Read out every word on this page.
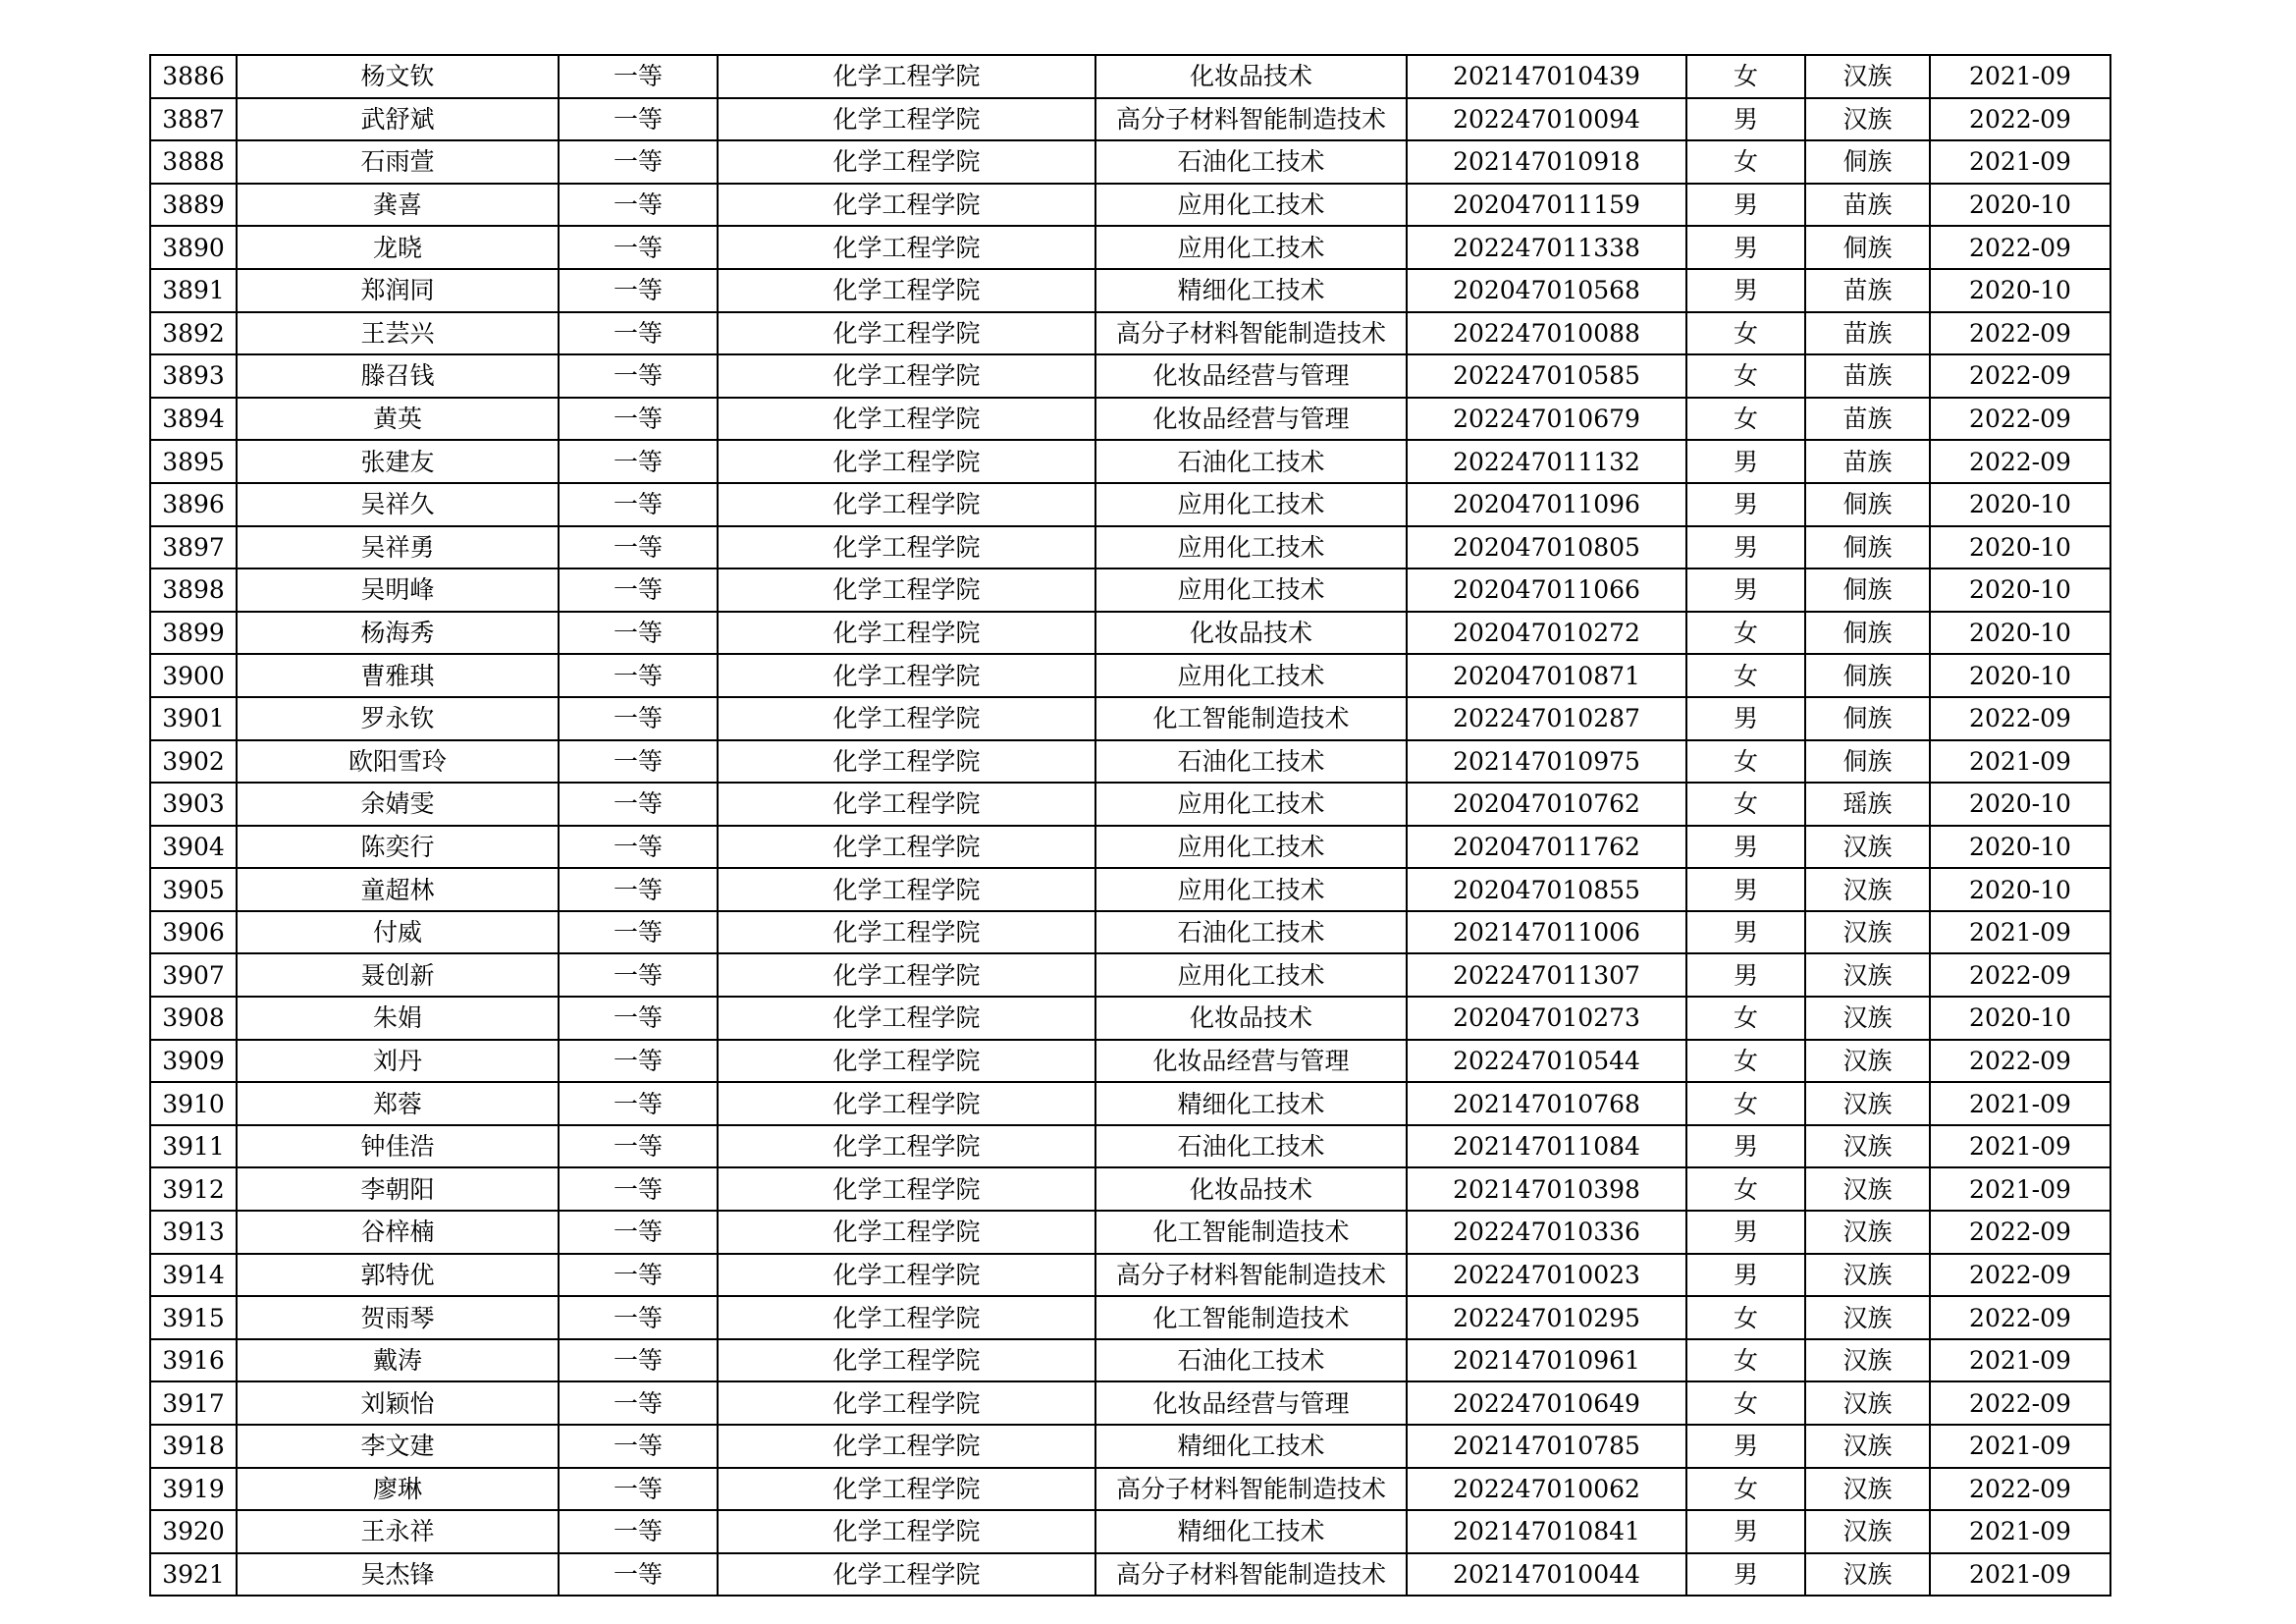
3886	杨文钦	一等	化学工程学院	化妆品技术	202147010439	女	汉族	2021-09
3887	武舒斌	一等	化学工程学院	高分子材料智能制造技术	202247010094	男	汉族	2022-09
3888	石雨萱	一等	化学工程学院	石油化工技术	202147010918	女	侗族	2021-09
3889	龚喜	一等	化学工程学院	应用化工技术	202047011159	男	苗族	2020-10
3890	龙晓	一等	化学工程学院	应用化工技术	202247011338	男	侗族	2022-09
3891	郑润同	一等	化学工程学院	精细化工技术	202047010568	男	苗族	2020-10
3892	王芸兴	一等	化学工程学院	高分子材料智能制造技术	202247010088	女	苗族	2022-09
3893	滕召钱	一等	化学工程学院	化妆品经营与管理	202247010585	女	苗族	2022-09
3894	黄英	一等	化学工程学院	化妆品经营与管理	202247010679	女	苗族	2022-09
3895	张建友	一等	化学工程学院	石油化工技术	202247011132	男	苗族	2022-09
3896	吴祥久	一等	化学工程学院	应用化工技术	202047011096	男	侗族	2020-10
3897	吴祥勇	一等	化学工程学院	应用化工技术	202047010805	男	侗族	2020-10
3898	吴明峰	一等	化学工程学院	应用化工技术	202047011066	男	侗族	2020-10
3899	杨海秀	一等	化学工程学院	化妆品技术	202047010272	女	侗族	2020-10
3900	曹雅琪	一等	化学工程学院	应用化工技术	202047010871	女	侗族	2020-10
3901	罗永钦	一等	化学工程学院	化工智能制造技术	202247010287	男	侗族	2022-09
3902	欧阳雪玲	一等	化学工程学院	石油化工技术	202147010975	女	侗族	2021-09
3903	余婧雯	一等	化学工程学院	应用化工技术	202047010762	女	瑶族	2020-10
3904	陈奕行	一等	化学工程学院	应用化工技术	202047011762	男	汉族	2020-10
3905	童超林	一等	化学工程学院	应用化工技术	202047010855	男	汉族	2020-10
3906	付威	一等	化学工程学院	石油化工技术	202147011006	男	汉族	2021-09
3907	聂创新	一等	化学工程学院	应用化工技术	202247011307	男	汉族	2022-09
3908	朱娟	一等	化学工程学院	化妆品技术	202047010273	女	汉族	2020-10
3909	刘丹	一等	化学工程学院	化妆品经营与管理	202247010544	女	汉族	2022-09
3910	郑蓉	一等	化学工程学院	精细化工技术	202147010768	女	汉族	2021-09
3911	钟佳浩	一等	化学工程学院	石油化工技术	202147011084	男	汉族	2021-09
3912	李朝阳	一等	化学工程学院	化妆品技术	202147010398	女	汉族	2021-09
3913	谷梓楠	一等	化学工程学院	化工智能制造技术	202247010336	男	汉族	2022-09
3914	郭特优	一等	化学工程学院	高分子材料智能制造技术	202247010023	男	汉族	2022-09
3915	贺雨琴	一等	化学工程学院	化工智能制造技术	202247010295	女	汉族	2022-09
3916	戴涛	一等	化学工程学院	石油化工技术	202147010961	女	汉族	2021-09
3917	刘颖怡	一等	化学工程学院	化妆品经营与管理	202247010649	女	汉族	2022-09
3918	李文建	一等	化学工程学院	精细化工技术	202147010785	男	汉族	2021-09
3919	廖琳	一等	化学工程学院	高分子材料智能制造技术	202247010062	女	汉族	2022-09
3920	王永祥	一等	化学工程学院	精细化工技术	202147010841	男	汉族	2021-09
3921	吴杰锋	一等	化学工程学院	高分子材料智能制造技术	202147010044	男	汉族	2021-09
